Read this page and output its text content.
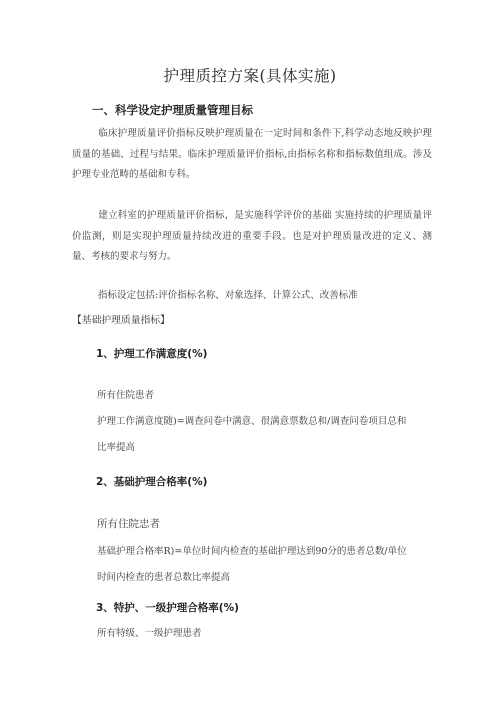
护理质控方案(具体实施)
一、科学设定护理质量管理目标
临床护理质量评价指标反映护理质量在一定时间和条件下,科学动态地反映护理质量的基础、过程与结果。临床护理质量评价指标,由指标名称和指标数值组成。涉及护理专业范畴的基础和专科。
建立科室的护理质量评价指标，是实施科学评价的基础 实施持续的护理质量评价监测，则是实现护理质量持续改进的重要手段。也是对护理质量改进的定义、测量、考核的要求与努力。
指标设定包括:评价指标名称、对象选择、计算公式、改善标准
【基础护理质量指标】
1、护理工作满意度(%)
所有住院患者
护理工作满意度随)=调查问卷中满意、很满意票数总和/调查问卷项目总和
比率提高
2、基础护理合格率(%)
所有住院忠者
基础护理合格率R)=单位时间内检查的基础护理达到90分的患者总数/单位
时间内检查的患者总数比率提高
3、特护、一级护理合格率(%)
所有特级、一级护理患者
